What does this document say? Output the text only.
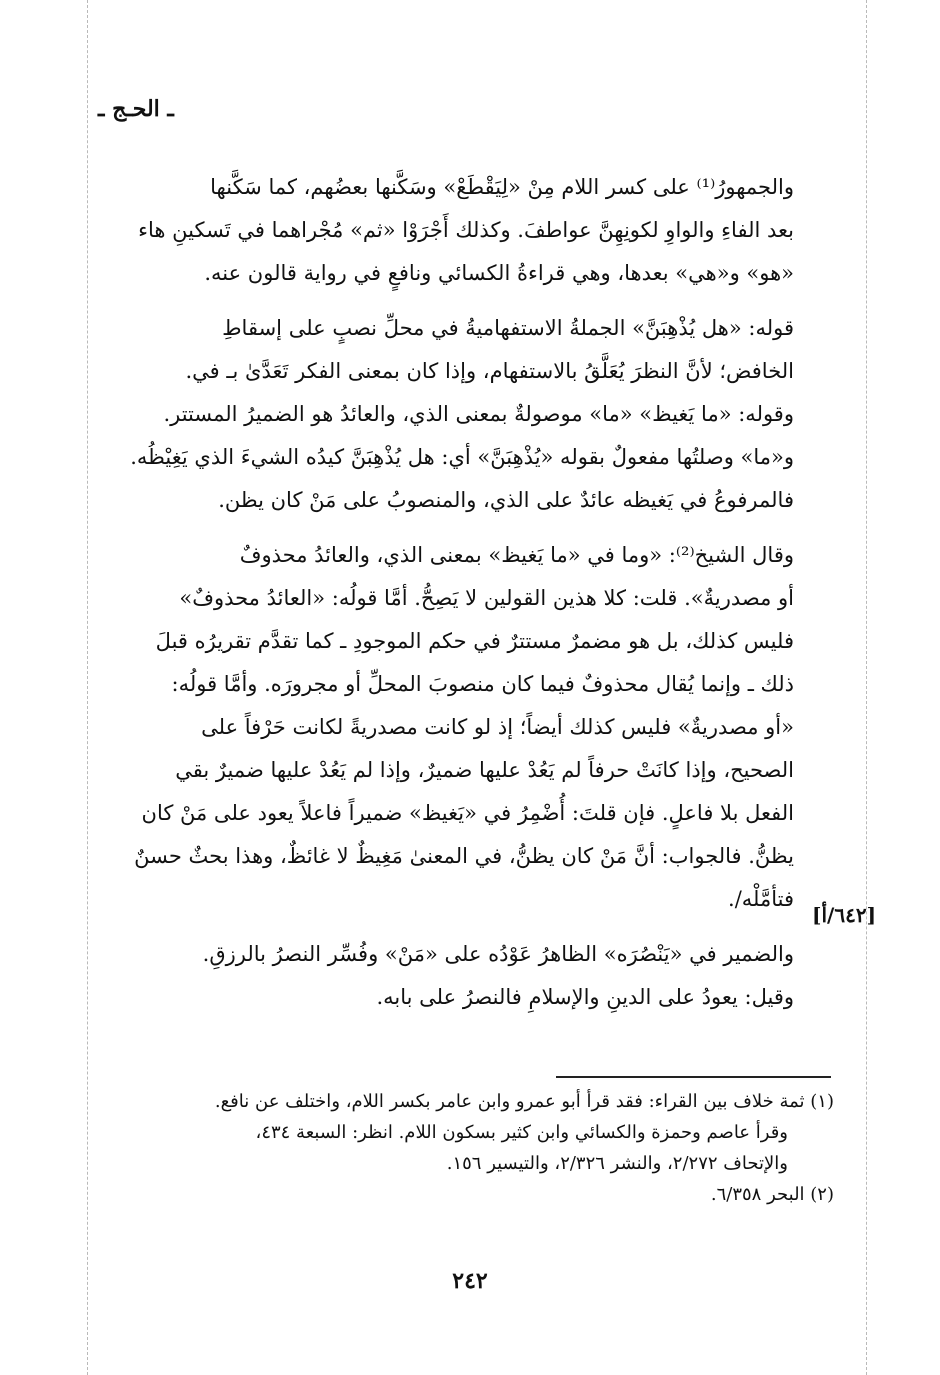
ـ الحـج ـ

والجمهورُ⁽¹⁾ على كسر اللام مِنْ «لِيَقْطَعْ» وسَكَّنها بعضُهم، كما سَكَّنها
بعد الفاءِ والواوِ لكونِهِنَّ عواطفَ. وكذلك أَجْرَوْا «ثم» مُجْراهما في تَسكينِ هاء
«هو» و«هي» بعدها، وهي قراءةُ الكسائي ونافعٍ في رواية قالون عنه.

قوله: «هل يُذْهِبَنَّ» الجملةُ الاستفهاميةُ في محلِّ نصبٍ على إسقاطِ
الخافض؛ لأنَّ النظرَ يُعَلَّقُ بالاستفهام، وإذا كان بمعنى الفكر تَعَدَّىٰ بـ في.
وقوله: «ما يَغيظ» «ما» موصولةٌ بمعنى الذي، والعائدُ هو الضميرُ المستتر.
و«ما» وصلتُها مفعولٌ بقوله «يُذْهِبَنَّ» أي: هل يُذْهِبَنَّ كيدُه الشيءَ الذي يَغِيْظُه.
فالمرفوعُ في يَغيظه عائدٌ على الذي، والمنصوبُ على مَنْ كان يظن.

وقال الشيخ⁽²⁾: «وما في «ما يَغيظ» بمعنى الذي، والعائدُ محذوفٌ
أو مصدريةٌ». قلت: كلا هذين القولين لا يَصِحُّ. أمَّا قولُه: «العائدُ محذوفٌ»
فليس كذلك، بل هو مضمرٌ مستترٌ في حكم الموجودِ ـ كما تقدَّم تقريرُه قبلَ
ذلك ـ وإنما يُقال محذوفٌ فيما كان منصوبَ المحلِّ أو مجرورَه. وأمَّا قولُه:
«أو مصدريةٌ» فليس كذلك أيضاً؛ إذ لو كانت مصدريةً لكانت حَرْفاً على
الصحيح، وإذا كانَتْ حرفاً لم يَعُدْ عليها ضميرٌ، وإذا لم يَعُدْ عليها ضميرٌ بقي
الفعل بلا فاعلٍ. فإن قلتَ: أُضْمِرُ في «يَغيظ» ضميراً فاعلاً يعود على مَنْ كان
يظنُّ. فالجواب: أنَّ مَنْ كان يظنُّ، في المعنىٰ مَغِيظٌ لا غائظٌ، وهذا بحثٌ حسنٌ
فتأمَّلْه/.

والضمير في «يَنْصُرَه» الظاهرُ عَوْدُه على «مَنْ» وفُسِّر النصرُ بالرزقِ.
وقيل: يعودُ على الدينِ والإسلامِ فالنصرُ على بابه.

[٦٤٢/أ]
(١) ثمة خلاف بين القراء: فقد قرأ أبو عمرو وابن عامر بكسر اللام، واختلف عن نافع.
وقرأ عاصم وحمزة والكسائي وابن كثير بسكون اللام. انظر: السبعة ٤٣٤،
والإتحاف ٢/٢٧٢، والنشر ٢/٣٢٦، والتيسير ١٥٦.
(٢) البحر ٦/٣٥٨.
٢٤٢
